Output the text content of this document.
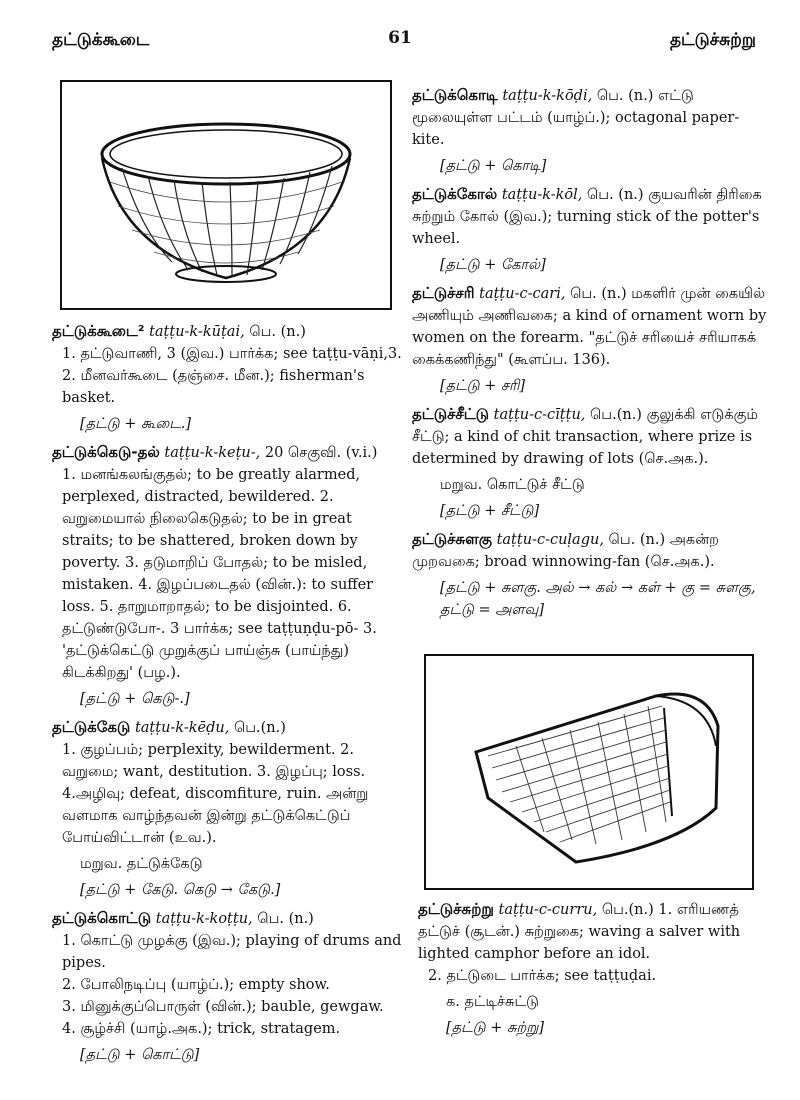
தட்டுக்கூடை	61	தட்டுச்சுற்று
தட்டுக்கூடை² taṭṭu-k-kūṭai, பெ. (n.)
1. தட்டுவாணி, 3 (இவ.) பார்க்க; see taṭṭu-vāṇi,3.
2. மீனவர்கூடை (தஞ்சை. மீன.); fisherman's basket.
[தட்டு + கூடை.]
தட்டுக்கெடு-தல் taṭṭu-k-keṭu-, 20 செகுவி. (v.i.)
1. மனங்கலங்குதல்; to be greatly alarmed, perplexed, distracted, bewildered. 2. வறுமையால் நிலைகெடுதல்; to be in great straits; to be shattered, broken down by poverty. 3. தடுமாறிப் போதல்; to be misled, mistaken. 4. இழப்படைதல் (வின்.): to suffer loss. 5. தாறுமாறாதல்; to be disjointed. 6. தட்டுண்டுபோ-. 3 பார்க்க; see taṭṭuṇḍu-pō- 3. 'தட்டுக்கெட்டு முறுக்குப் பாய்ஞ்சு (பாய்ந்து) கிடக்கிறது' (பழ.).
[தட்டு + கெடு-.]
தட்டுக்கேடு taṭṭu-k-kēḍu, பெ.(n.)
1. குழப்பம்; perplexity, bewilderment. 2. வறுமை; want, destitution. 3. இழப்பு; loss. 4.அழிவு; defeat, discomfiture, ruin. அன்று வளமாக வாழ்ந்தவன் இன்று தட்டுக்கெட்டுப் போய்விட்டான் (உவ.).
மறுவ. தட்டுக்கேடு
[தட்டு + கேடு. கெடு → கேடு.]
தட்டுக்கொட்டு taṭṭu-k-koṭṭu, பெ. (n.)
1. கொட்டு முழக்கு (இவ.); playing of drums and pipes.
2. போலிநடிப்பு (யாழ்ப்.); empty show.
3. மினுக்குப்பொருள் (வின்.); bauble, gewgaw.
4. சூழ்ச்சி (யாழ்.அக.); trick, stratagem.
[தட்டு + கொட்டு]
தட்டுக்கொடி taṭṭu-k-kōḍi, பெ. (n.) எட்டு மூலையுள்ள பட்டம் (யாழ்ப்.); octagonal paper-kite.
[தட்டு + கொடி]
தட்டுக்கோல் taṭṭu-k-kōl, பெ. (n.) குயவரின் திரிகை சுற்றும் கோல் (இவ.); turning stick of the potter's wheel.
[தட்டு + கோல்]
தட்டுச்சரி taṭṭu-c-cari, பெ. (n.) மகளிர் முன் கையில் அணியும் அணிவகை; a kind of ornament worn by women on the forearm. "தட்டுச் சரியைச் சரியாகக் கைக்கணிந்து" (கூளப்ப. 136).
[தட்டு + சரி]
தட்டுச்சீட்டு taṭṭu-c-cīṭṭu, பெ.(n.) குலுக்கி எடுக்கும் சீட்டு; a kind of chit transaction, where prize is determined by drawing of lots (செ.அக.).
மறுவ. கொட்டுச் சீட்டு
[தட்டு + சீட்டு]
தட்டுச்சுளகு taṭṭu-c-cuḷagu, பெ. (n.) அகன்ற முறவகை; broad winnowing-fan (செ.அக.).
[தட்டு + சுளகு. அல் → கல் → கள் + கு = சுளகு, தட்டு = அளவு]
தட்டுச்சுற்று taṭṭu-c-curru, பெ.(n.) 1. எரியணத் தட்டுச் (சூடன்.) சுற்றுகை; waving a salver with lighted camphor before an idol.
2. தட்டுடை பார்க்க; see taṭṭuḍai.
க. தட்டிச்சுட்டு
[தட்டு + சுற்று]
